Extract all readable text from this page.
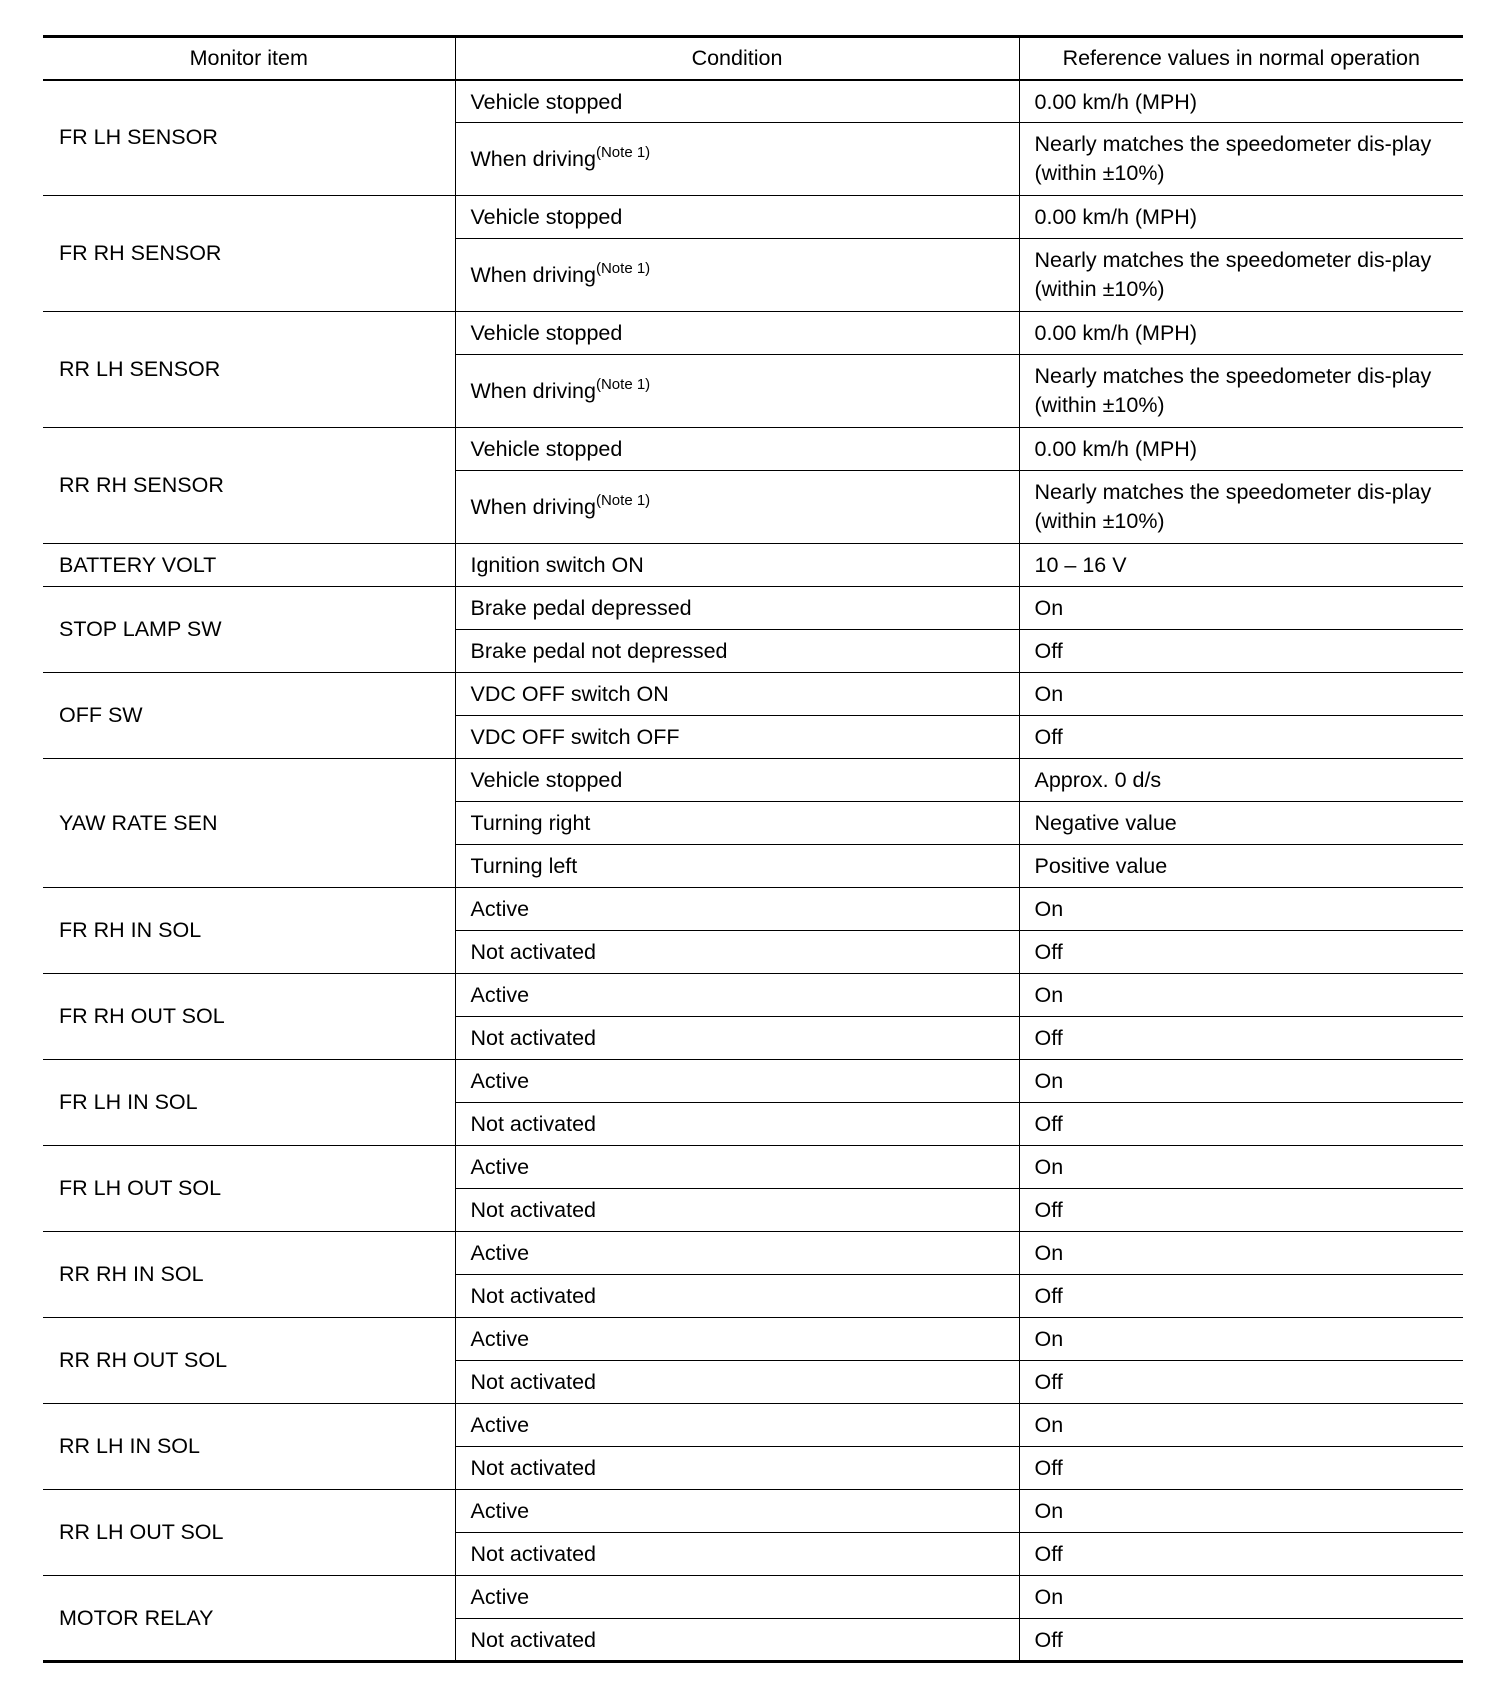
Monitor item	Condition	Reference values in normal operation
FR LH SENSOR	Vehicle stopped	0.00 km/h (MPH)
	When driving$^{(Note 1)}$	Nearly matches the speedometer dis-play (within ±10%)
FR RH SENSOR	Vehicle stopped	0.00 km/h (MPH)
	When driving$^{(Note 1)}$	Nearly matches the speedometer dis-play (within ±10%)
RR LH SENSOR	Vehicle stopped	0.00 km/h (MPH)
	When driving$^{(Note 1)}$	Nearly matches the speedometer dis-play (within ±10%)
RR RH SENSOR	Vehicle stopped	0.00 km/h (MPH)
	When driving$^{(Note 1)}$	Nearly matches the speedometer dis-play (within ±10%)
BATTERY VOLT	Ignition switch ON	10 – 16 V
STOP LAMP SW	Brake pedal depressed	On
	Brake pedal not depressed	Off
OFF SW	VDC OFF switch ON	On
	VDC OFF switch OFF	Off
YAW RATE SEN	Vehicle stopped	Approx. 0 d/s
	Turning right	Negative value
	Turning left	Positive value
FR RH IN SOL	Active	On
	Not activated	Off
FR RH OUT SOL	Active	On
	Not activated	Off
FR LH IN SOL	Active	On
	Not activated	Off
FR LH OUT SOL	Active	On
	Not activated	Off
RR RH IN SOL	Active	On
	Not activated	Off
RR RH OUT SOL	Active	On
	Not activated	Off
RR LH IN SOL	Active	On
	Not activated	Off
RR LH OUT SOL	Active	On
	Not activated	Off
MOTOR RELAY	Active	On
	Not activated	Off
